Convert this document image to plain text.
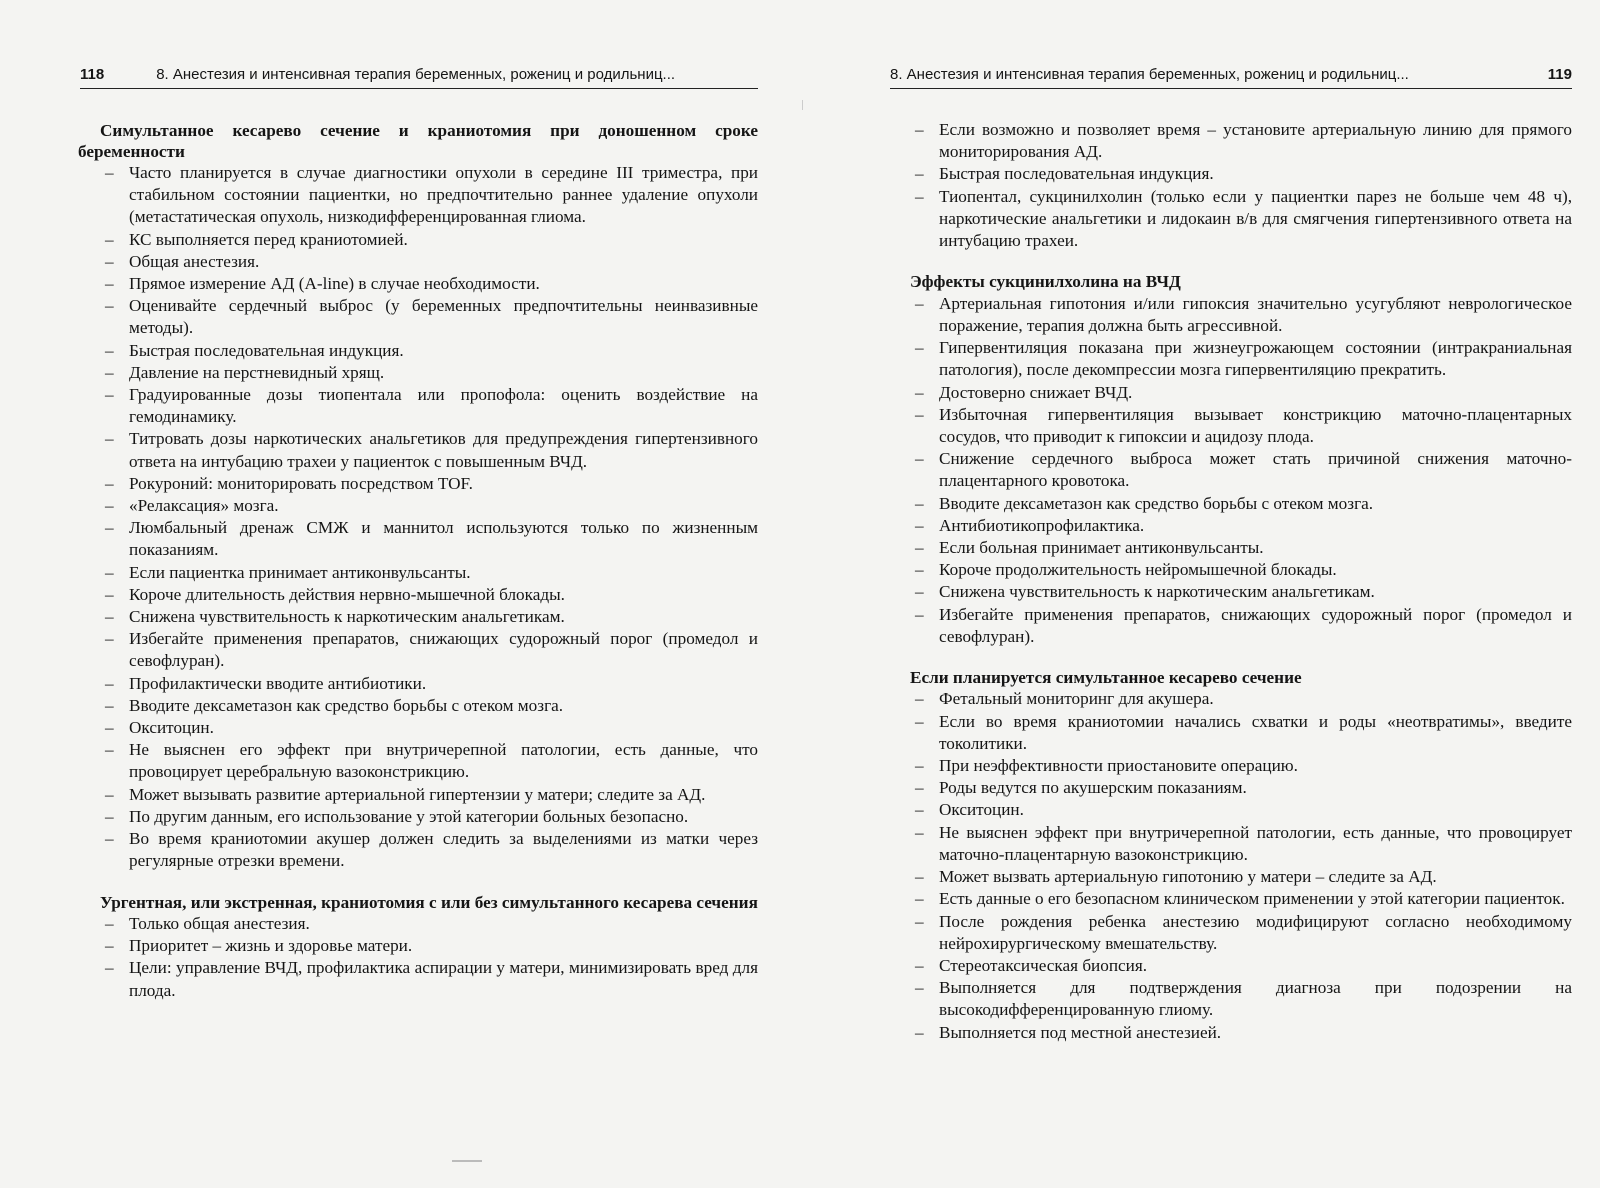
118	8. Анестезия и интенсивная терапия беременных, рожениц и родильниц...
Симультанное кесарево сечение и краниотомия при доношенном сроке беременности
– Часто планируется в случае диагностики опухоли в середине III триместра, при стабильном состоянии пациентки, но предпочтительно раннее удаление опухоли (метастатическая опухоль, низкодифференцированная глиома.
– КС выполняется перед краниотомией.
– Общая анестезия.
– Прямое измерение АД (A-line) в случае необходимости.
– Оценивайте сердечный выброс (у беременных предпочтительны неинвазивные методы).
– Быстрая последовательная индукция.
– Давление на перстневидный хрящ.
– Градуированные дозы тиопентала или пропофола: оценить воздействие на гемодинамику.
– Титровать дозы наркотических анальгетиков для предупреждения гипертензивного ответа на интубацию трахеи у пациенток с повышенным ВЧД.
– Рокуроний: мониторировать посредством TOF.
– «Релаксация» мозга.
– Люмбальный дренаж СМЖ и маннитол используются только по жизненным показаниям.
– Если пациентка принимает антиконвульсанты.
– Короче длительность действия нервно-мышечной блокады.
– Снижена чувствительность к наркотическим анальгетикам.
– Избегайте применения препаратов, снижающих судорожный порог (промедол и севофлуран).
– Профилактически вводите антибиотики.
– Вводите дексаметазон как средство борьбы с отеком мозга.
– Окситоцин.
– Не выяснен его эффект при внутричерепной патологии, есть данные, что провоцирует церебральную вазоконстрикцию.
– Может вызывать развитие артериальной гипертензии у матери; следите за АД.
– По другим данным, его использование у этой категории больных безопасно.
– Во время краниотомии акушер должен следить за выделениями из матки через регулярные отрезки времени.
Ургентная, или экстренная, краниотомия с или без симультанного кесарева сечения
– Только общая анестезия.
– Приоритет – жизнь и здоровье матери.
– Цели: управление ВЧД, профилактика аспирации у матери, минимизировать вред для плода.
8. Анестезия и интенсивная терапия беременных, рожениц и родильниц...	119
– Если возможно и позволяет время – установите артериальную линию для прямого мониторирования АД.
– Быстрая последовательная индукция.
– Тиопентал, сукцинилхолин (только если у пациентки парез не больше чем 48 ч), наркотические анальгетики и лидокаин в/в для смягчения гипертензивного ответа на интубацию трахеи.
Эффекты сукцинилхолина на ВЧД
– Артериальная гипотония и/или гипоксия значительно усугубляют неврологическое поражение, терапия должна быть агрессивной.
– Гипервентиляция показана при жизнеугрожающем состоянии (интракраниальная патология), после декомпрессии мозга гипервентиляцию прекратить.
– Достоверно снижает ВЧД.
– Избыточная гипервентиляция вызывает констрикцию маточно-плацентарных сосудов, что приводит к гипоксии и ацидозу плода.
– Снижение сердечного выброса может стать причиной снижения маточно-плацентарного кровотока.
– Вводите дексаметазон как средство борьбы с отеком мозга.
– Антибиотикопрофилактика.
– Если больная принимает антиконвульсанты.
– Короче продолжительность нейромышечной блокады.
– Снижена чувствительность к наркотическим анальгетикам.
– Избегайте применения препаратов, снижающих судорожный порог (промедол и севофлуран).
Если планируется симультанное кесарево сечение
– Фетальный мониторинг для акушера.
– Если во время краниотомии начались схватки и роды «неотвратимы», введите токолитики.
– При неэффективности приостановите операцию.
– Роды ведутся по акушерским показаниям.
– Окситоцин.
– Не выяснен эффект при внутричерепной патологии, есть данные, что провоцирует маточно-плацентарную вазоконстрикцию.
– Может вызвать артериальную гипотонию у матери – следите за АД.
– Есть данные о его безопасном клиническом применении у этой категории пациенток.
– После рождения ребенка анестезию модифицируют согласно необходимому нейрохирургическому вмешательству.
– Стереотаксическая биопсия.
– Выполняется для подтверждения диагноза при подозрении на высокодифференцированную глиому.
– Выполняется под местной анестезией.
